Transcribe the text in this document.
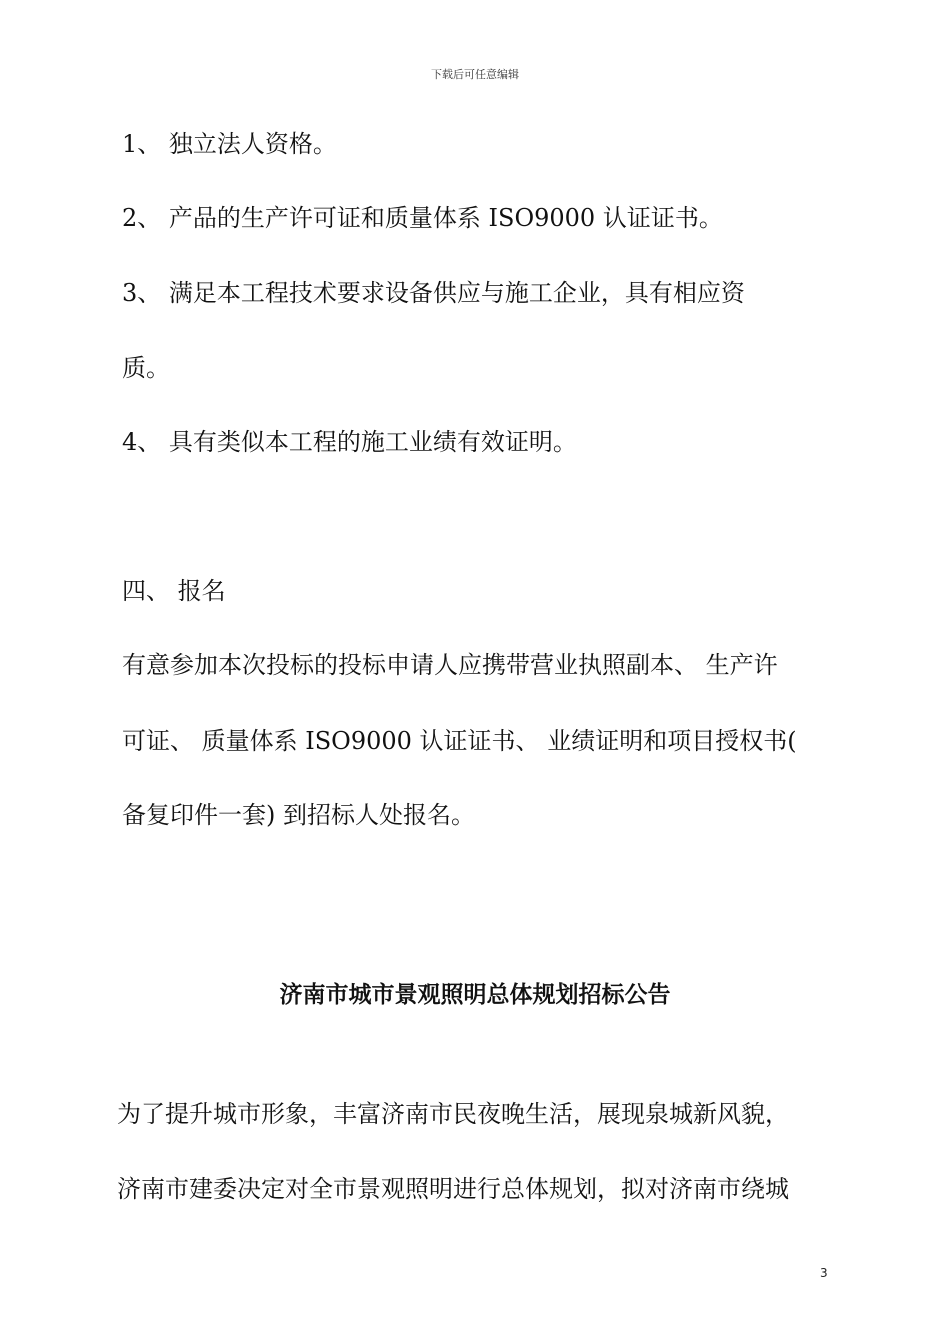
下载后可任意编辑
1、 独立法人资格。
2、 产品的生产许可证和质量体系 ISO9000 认证证书。
3、 满足本工程技术要求设备供应与施工企业，具有相应资
质。
4、 具有类似本工程的施工业绩有效证明。
四、 报名
有意参加本次投标的投标申请人应携带营业执照副本、 生产许
可证、 质量体系 ISO9000 认证证书、 业绩证明和项目授权书(
备复印件一套) 到招标人处报名。
济南市城市景观照明总体规划招标公告
为了提升城市形象，丰富济南市民夜晚生活，展现泉城新风貌，
济南市建委决定对全市景观照明进行总体规划，拟对济南市绕城
3
